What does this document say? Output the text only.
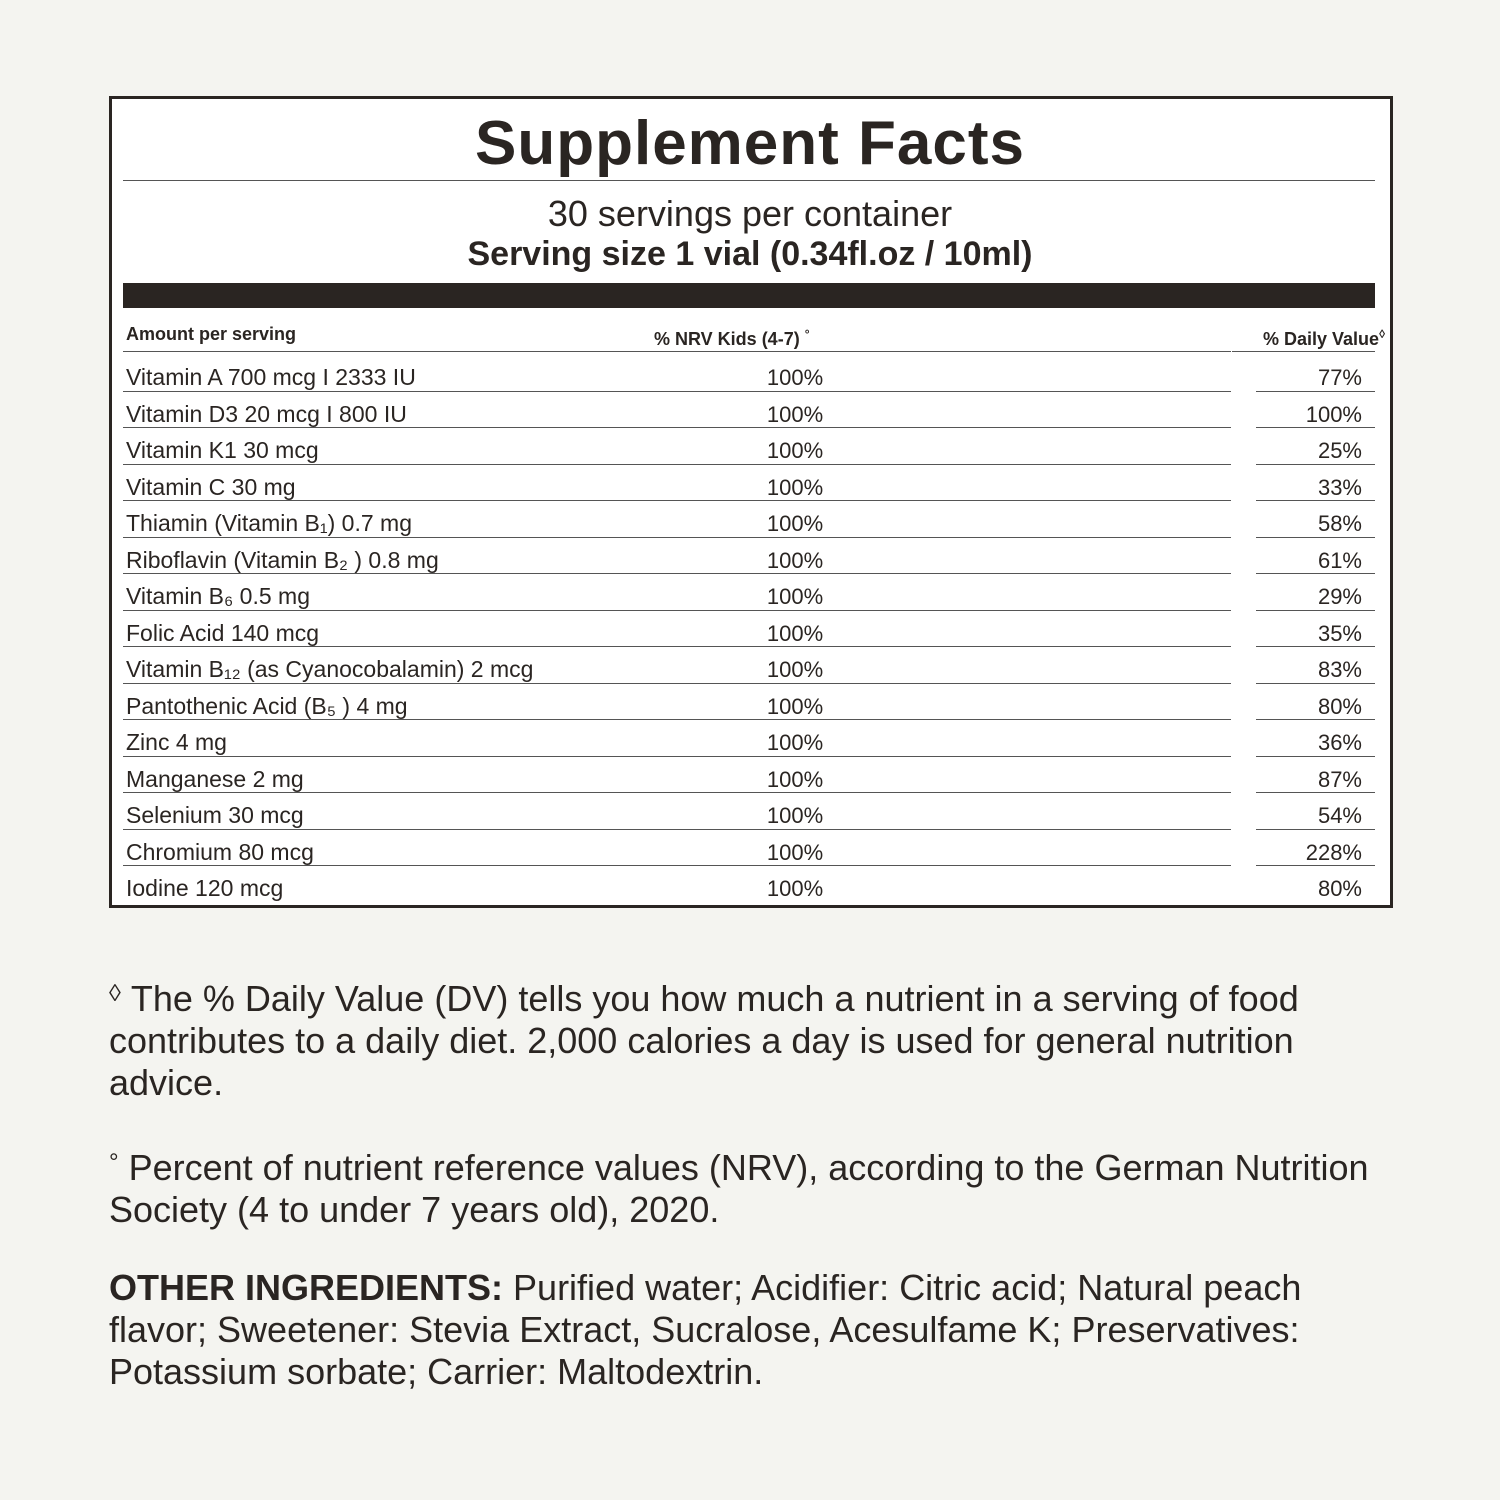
Supplement Facts
30 servings per container
Serving size 1 vial (0.34fl.oz / 10ml)
Amount per serving	% NRV Kids (4-7) °	% Daily Value◊
Vitamin A 700 mcg I 2333 IU	100%	77%
Vitamin D3 20 mcg I 800 IU	100%	100%
Vitamin K1 30 mcg	100%	25%
Vitamin C 30 mg	100%	33%
Thiamin (Vitamin B₁) 0.7 mg	100%	58%
Riboflavin (Vitamin B₂ ) 0.8 mg	100%	61%
Vitamin B₆ 0.5 mg	100%	29%
Folic Acid 140 mcg	100%	35%
Vitamin B₁₂ (as Cyanocobalamin) 2 mcg	100%	83%
Pantothenic Acid (B₅ ) 4 mg	100%	80%
Zinc 4 mg	100%	36%
Manganese 2 mg	100%	87%
Selenium 30 mcg	100%	54%
Chromium 80 mcg	100%	228%
Iodine 120 mcg	100%	80%
◊ The % Daily Value (DV) tells you how much a nutrient in a serving of food contributes to a daily diet. 2,000 calories a day is used for general nutrition advice.
° Percent of nutrient reference values (NRV), according to the German Nutrition Society (4 to under 7 years old), 2020.
OTHER INGREDIENTS: Purified water; Acidifier: Citric acid; Natural peach flavor; Sweetener: Stevia Extract, Sucralose, Acesulfame K; Preservatives: Potassium sorbate; Carrier: Maltodextrin.
